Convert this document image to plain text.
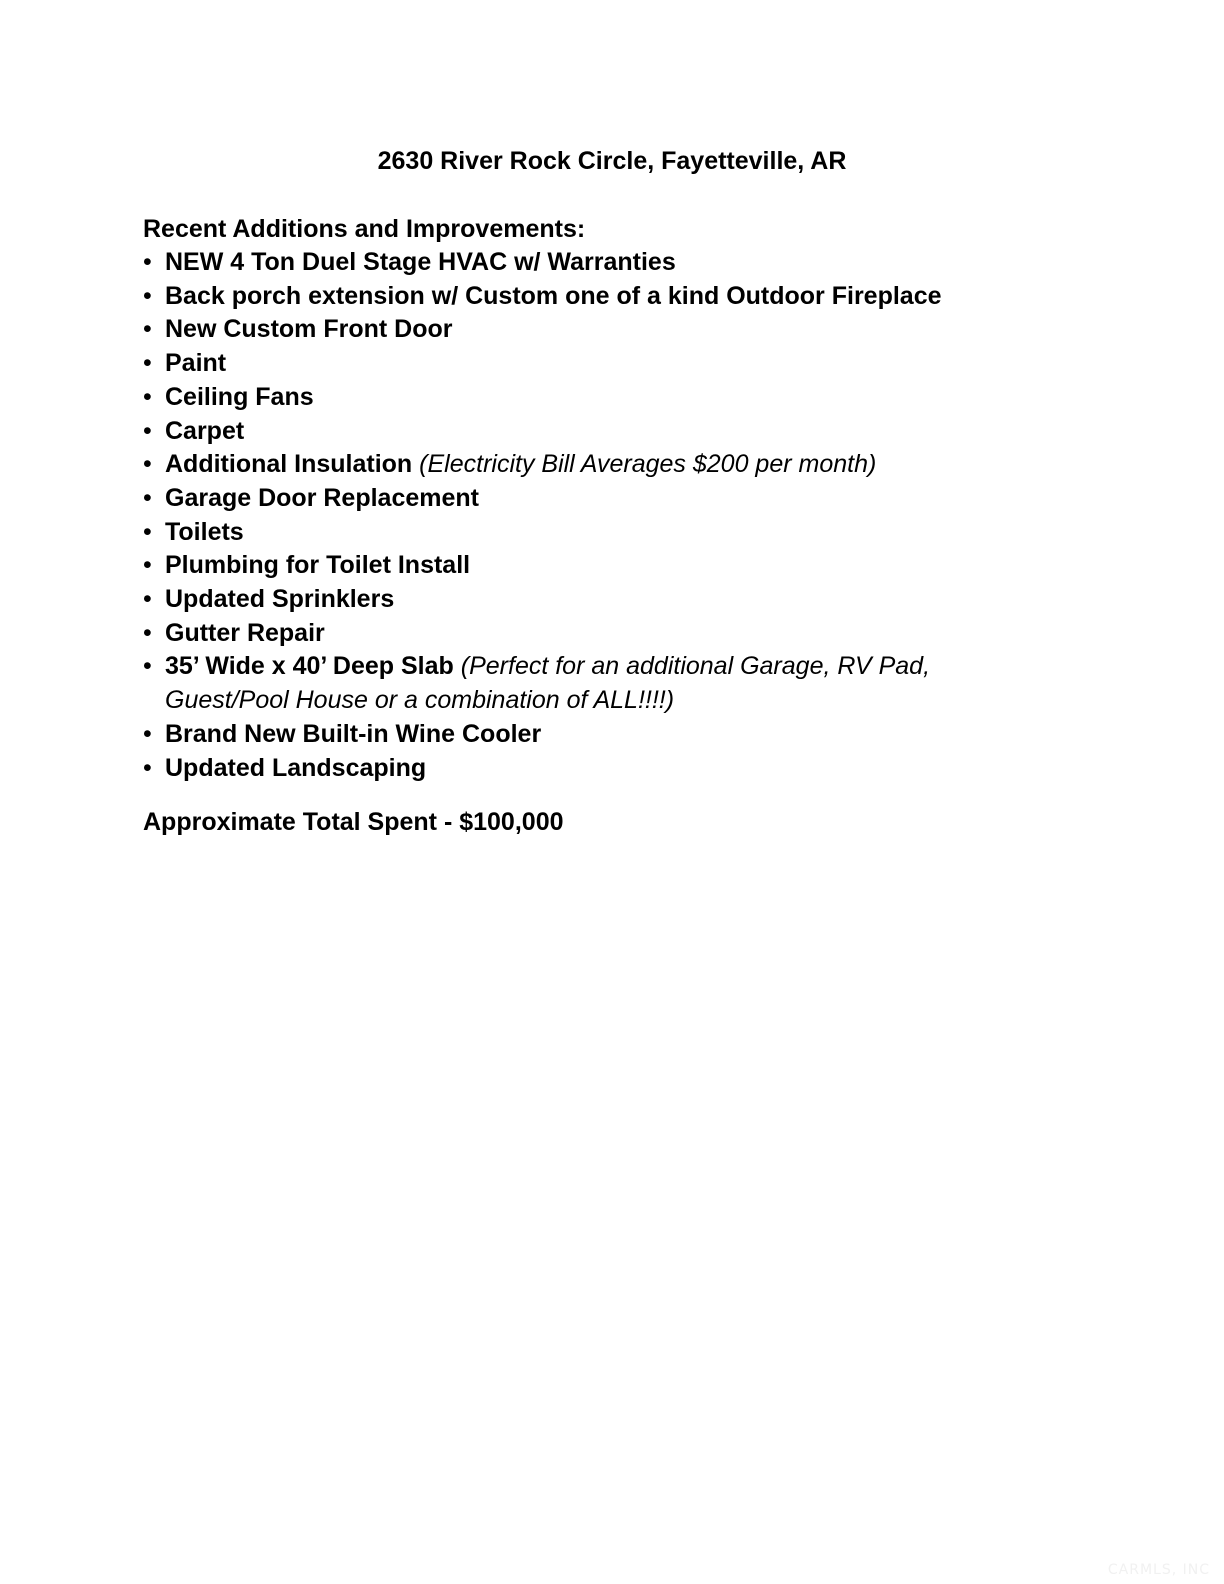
2630 River Rock Circle, Fayetteville, AR

Recent Additions and Improvements:

• NEW 4 Ton Duel Stage HVAC w/ Warranties
• Back porch extension w/ Custom one of a kind Outdoor Fireplace
• New Custom Front Door
• Paint
• Ceiling Fans
• Carpet
• Additional Insulation (Electricity Bill Averages $200 per month)
• Garage Door Replacement
• Toilets
• Plumbing for Toilet Install
• Updated Sprinklers
• Gutter Repair
• 35’ Wide x 40’ Deep Slab (Perfect for an additional Garage, RV Pad, Guest/Pool House or a combination of ALL!!!!)
• Brand New Built-in Wine Cooler
• Updated Landscaping

Approximate Total Spent - $100,000

CARMLS, INC
